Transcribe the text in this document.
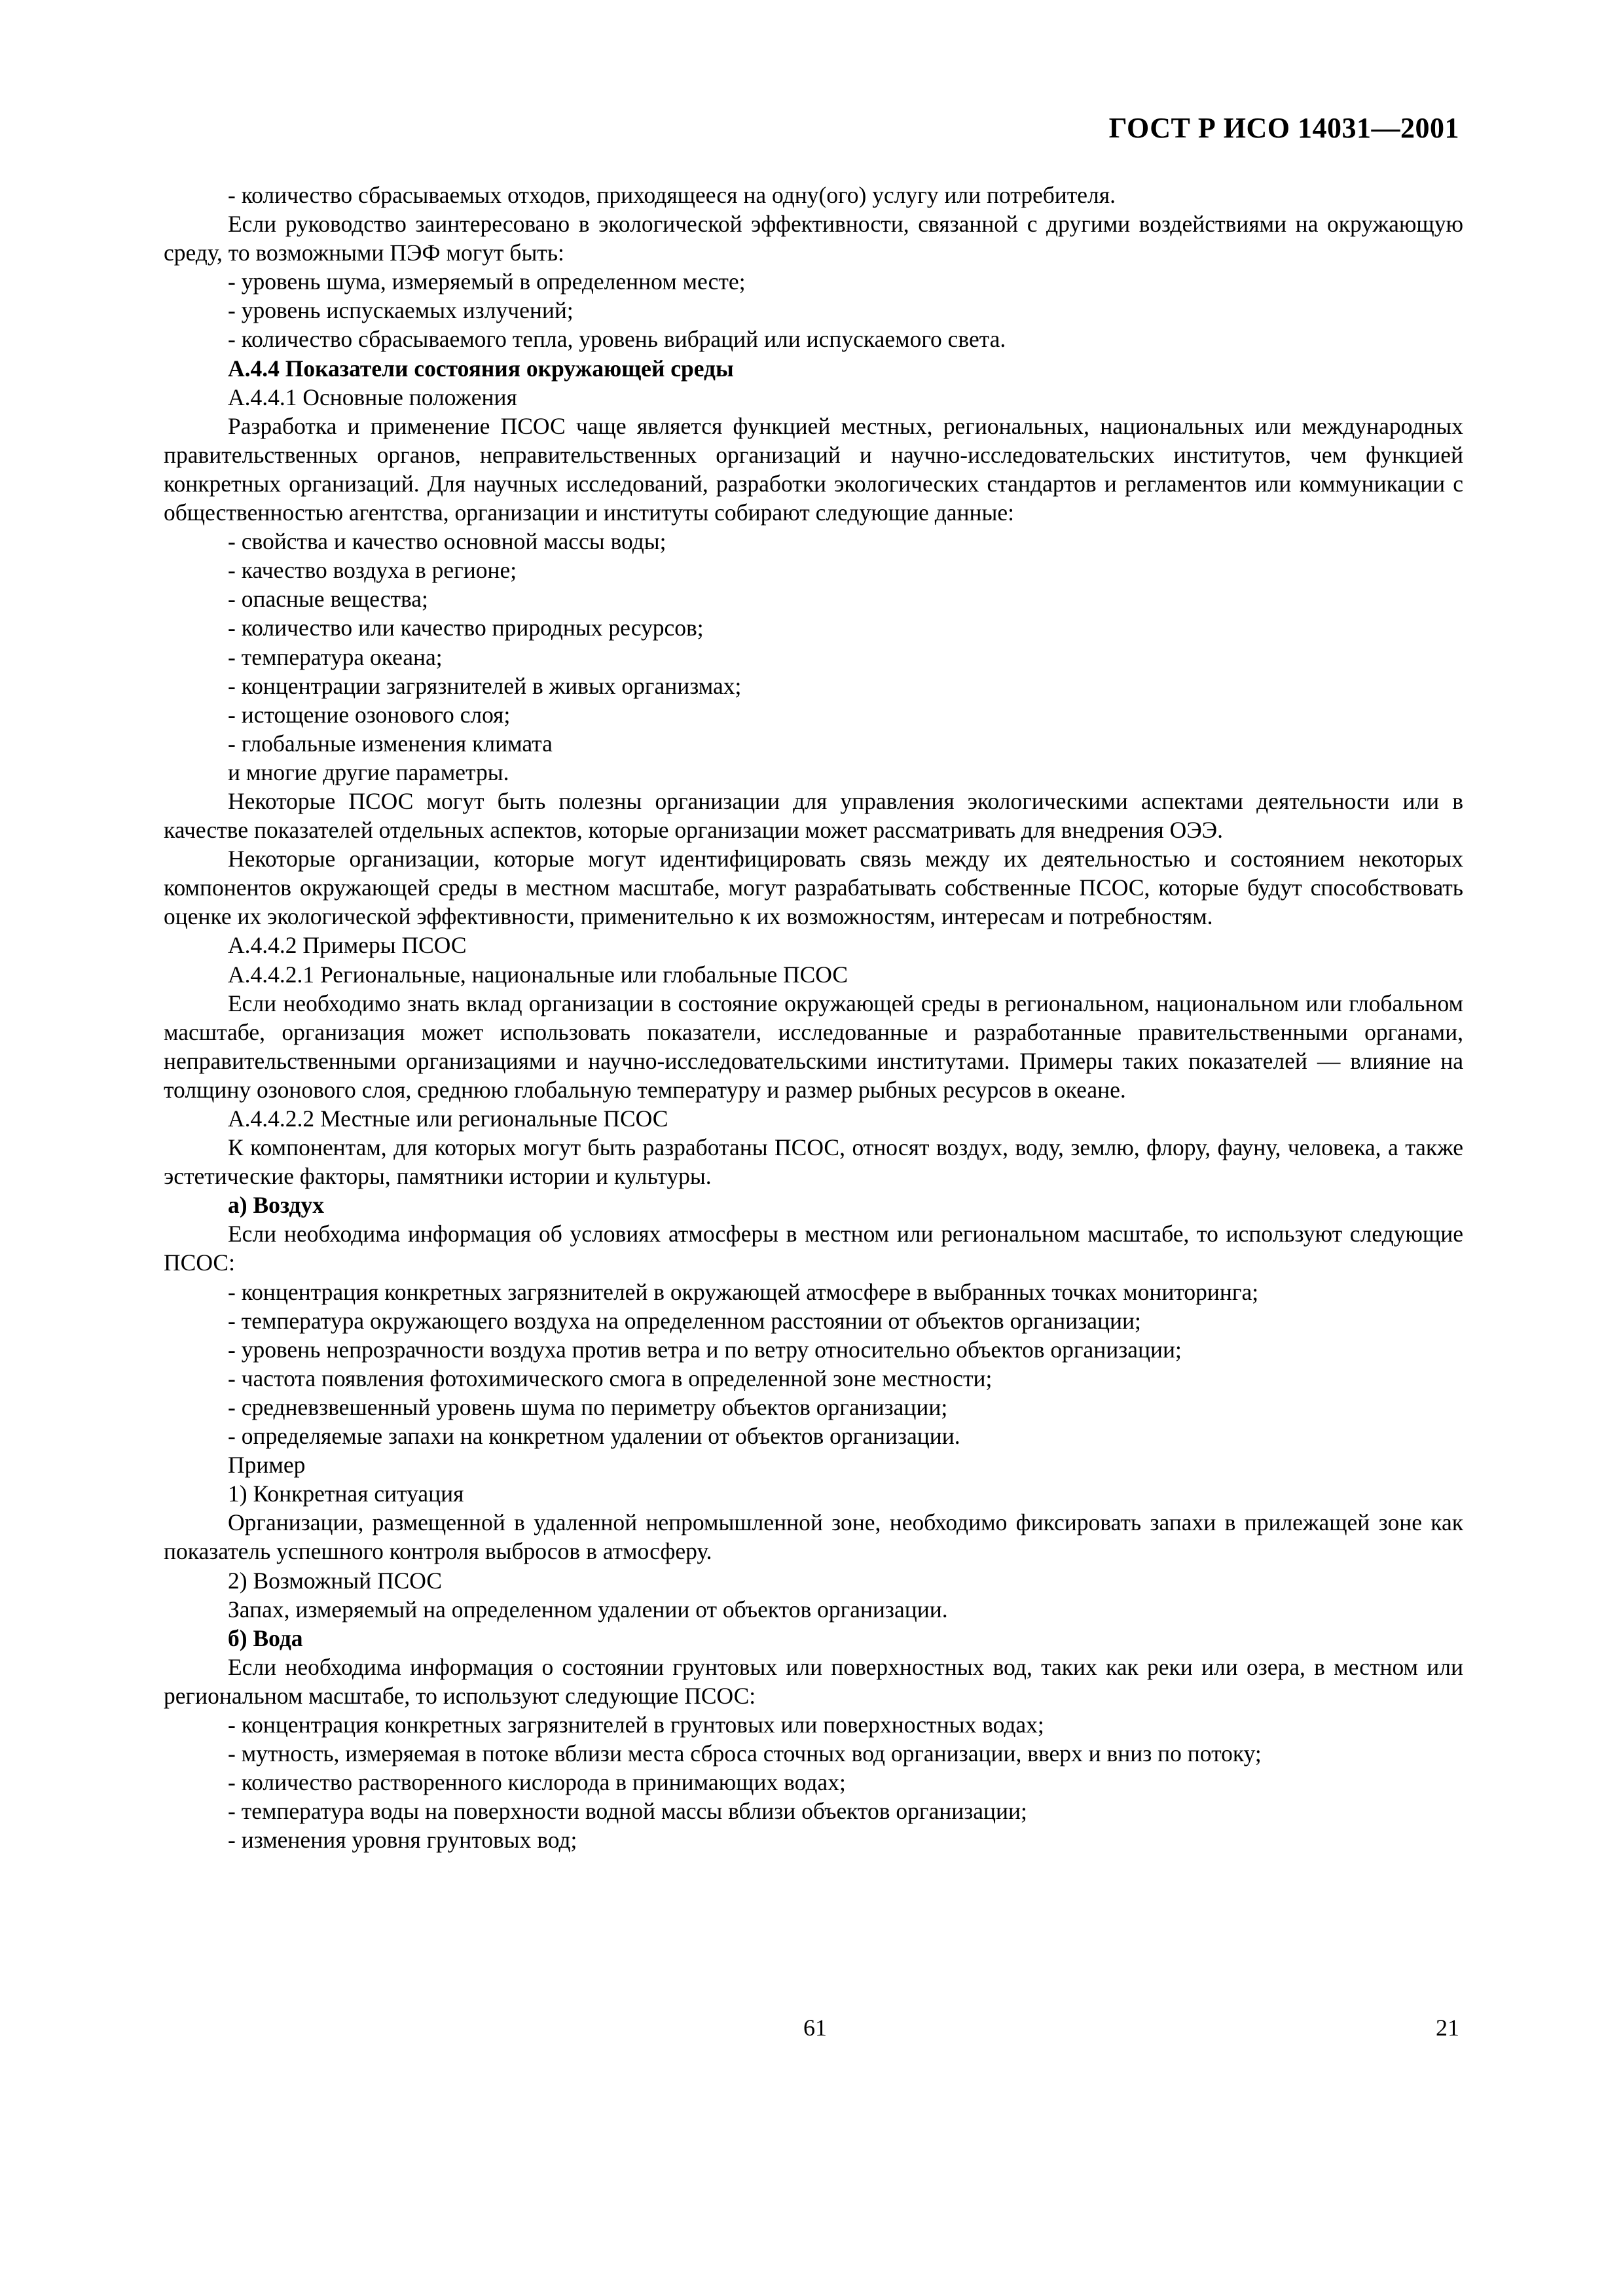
ГОСТ Р ИСО 14031—2001

- количество сбрасываемых отходов, приходящееся на одну(ого) услугу или потребителя.

Если руководство заинтересовано в экологической эффективности, связанной с другими воздействиями на окружающую среду, то возможными ПЭФ могут быть:

- уровень шума, измеряемый в определенном месте;

- уровень испускаемых излучений;

- количество сбрасываемого тепла, уровень вибраций или испускаемого света.

А.4.4 Показатели состояния окружающей среды

А.4.4.1 Основные положения

Разработка и применение ПСОС чаще является функцией местных, региональных, национальных или международных правительственных органов, неправительственных организаций и научно-исследовательских институтов, чем функцией конкретных организаций. Для научных исследований, разработки экологических стандартов и регламентов или коммуникации с общественностью агентства, организации и институты собирают следующие данные:

- свойства и качество основной массы воды;

- качество воздуха в регионе;

- опасные вещества;

- количество или качество природных ресурсов;

- температура океана;

- концентрации загрязнителей в живых организмах;

- истощение озонового слоя;

- глобальные изменения климата

и многие другие параметры.

Некоторые ПСОС могут быть полезны организации для управления экологическими аспектами деятельности или в качестве показателей отдельных аспектов, которые организации может рассматривать для внедрения ОЭЭ.

Некоторые организации, которые могут идентифицировать связь между их деятельностью и состоянием некоторых компонентов окружающей среды в местном масштабе, могут разрабатывать собственные ПСОС, которые будут способствовать оценке их экологической эффективности, применительно к их возможностям, интересам и потребностям.

А.4.4.2 Примеры ПСОС

А.4.4.2.1 Региональные, национальные или глобальные ПСОС

Если необходимо знать вклад организации в состояние окружающей среды в региональном, национальном или глобальном масштабе, организация может использовать показатели, исследованные и разработанные правительственными органами, неправительственными организациями и научно-исследовательскими институтами. Примеры таких показателей — влияние на толщину озонового слоя, среднюю глобальную температуру и размер рыбных ресурсов в океане.

А.4.4.2.2 Местные или региональные ПСОС

К компонентам, для которых могут быть разработаны ПСОС, относят воздух, воду, землю, флору, фауну, человека, а также эстетические факторы, памятники истории и культуры.

а) Воздух

Если необходима информация об условиях атмосферы в местном или региональном масштабе, то используют следующие ПСОС:

- концентрация конкретных загрязнителей в окружающей атмосфере в выбранных точках мониторинга;

- температура окружающего воздуха на определенном расстоянии от объектов организации;

- уровень непрозрачности воздуха против ветра и по ветру относительно объектов организации;

- частота появления фотохимического смога в определенной зоне местности;

- средневзвешенный уровень шума по периметру объектов организации;

- определяемые запахи на конкретном удалении от объектов организации.

Пример

1) Конкретная ситуация

Организации, размещенной в удаленной непромышленной зоне, необходимо фиксировать запахи в прилежащей зоне как показатель успешного контроля выбросов в атмосферу.

2) Возможный ПСОС

Запах, измеряемый на определенном удалении от объектов организации.

б) Вода

Если необходима информация о состоянии грунтовых или поверхностных вод, таких как реки или озера, в местном или региональном масштабе, то используют следующие ПСОС:

- концентрация конкретных загрязнителей в грунтовых или поверхностных водах;

- мутность, измеряемая в потоке вблизи места сброса сточных вод организации, вверх и вниз по потоку;

- количество растворенного кислорода в принимающих водах;

- температура воды на поверхности водной массы вблизи объектов организации;

- изменения уровня грунтовых вод;

61	21
